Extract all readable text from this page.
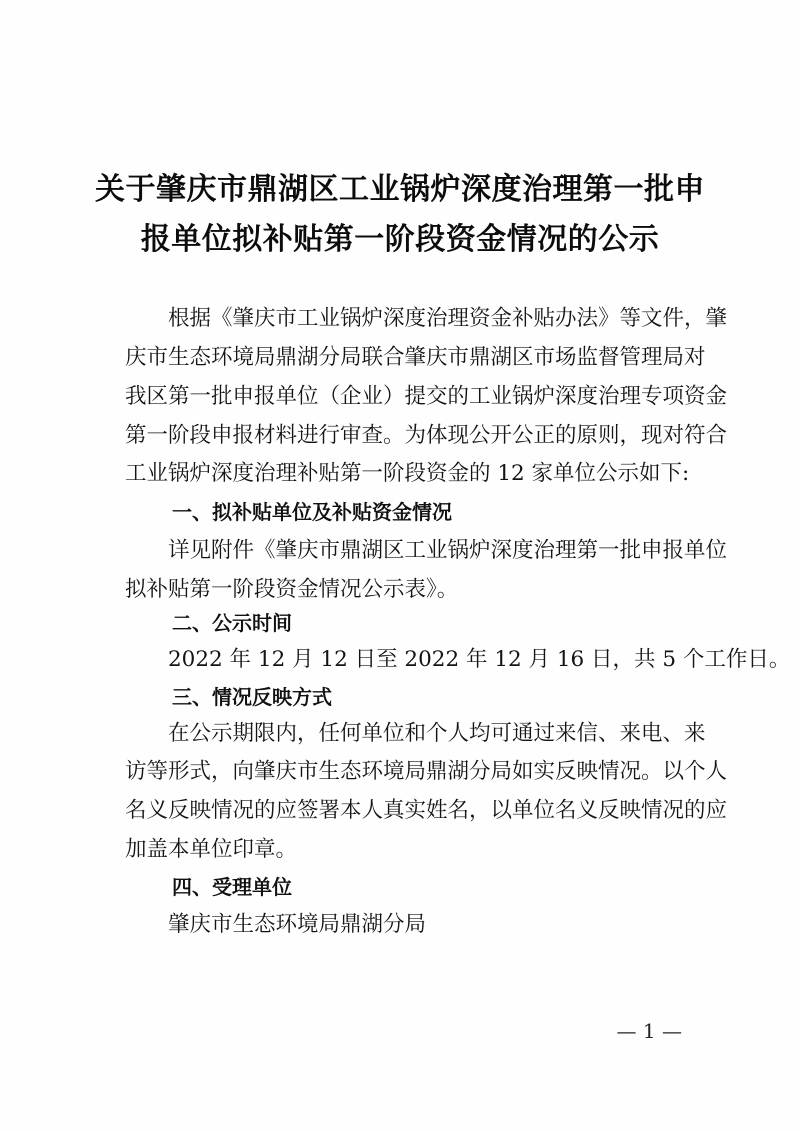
关于肇庆市鼎湖区工业锅炉深度治理第一批申
报单位拟补贴第一阶段资金情况的公示
根据《肇庆市工业锅炉深度治理资金补贴办法》等文件，肇
庆市生态环境局鼎湖分局联合肇庆市鼎湖区市场监督管理局对
我区第一批申报单位（企业）提交的工业锅炉深度治理专项资金
第一阶段申报材料进行审查。为体现公开公正的原则，现对符合
工业锅炉深度治理补贴第一阶段资金的 12 家单位公示如下:
一、拟补贴单位及补贴资金情况
详见附件《肇庆市鼎湖区工业锅炉深度治理第一批申报单位
拟补贴第一阶段资金情况公示表》。
二、公示时间
2022 年 12 月 12 日至 2022 年 12 月 16 日，共 5 个工作日。
三、情况反映方式
在公示期限内，任何单位和个人均可通过来信、来电、来
访等形式，向肇庆市生态环境局鼎湖分局如实反映情况。以个人
名义反映情况的应签署本人真实姓名，以单位名义反映情况的应
加盖本单位印章。
四、受理单位
肇庆市生态环境局鼎湖分局
— 1 —
